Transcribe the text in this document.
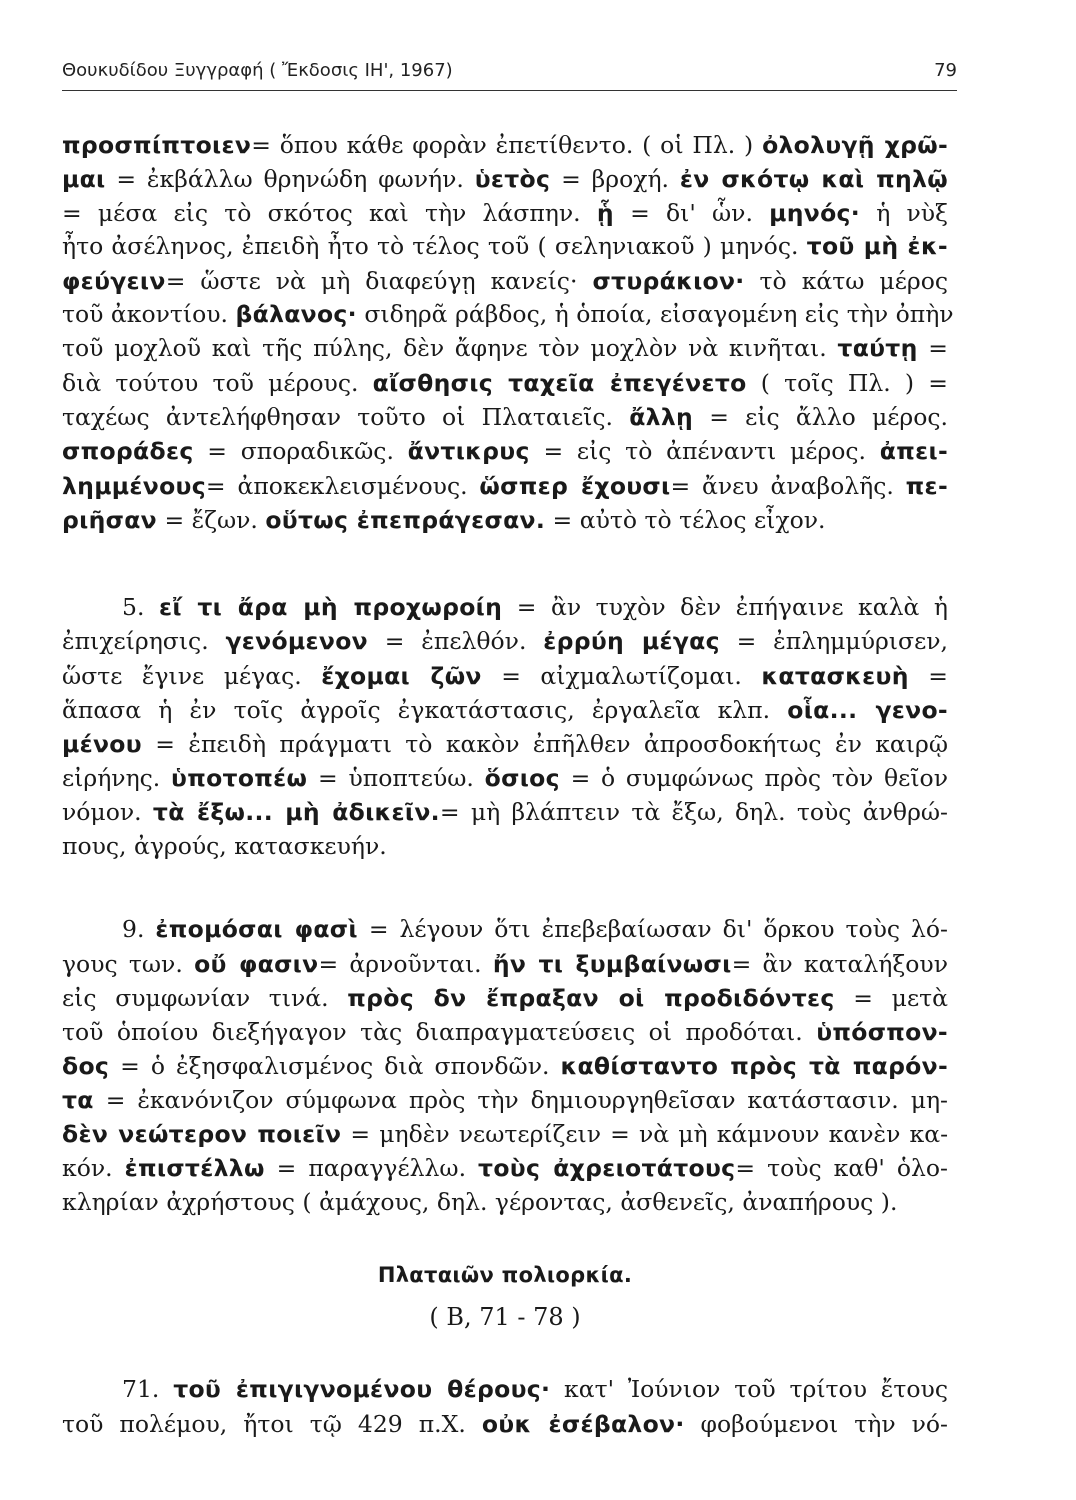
Θουκυδίδου Ξυγγραφή ( Ἔκδοσις ΙΗ', 1967)	79
προσπίπτοιεν= ὅπου κάθε φορὰν ἐπετίθεντο. ( οἱ Πλ. ) ὀλολυγῇ χρῶ-
μαι = ἐκβάλλω θρηνώδη φωνήν. ὑετὸς = βροχή. ἐν σκότῳ καὶ πηλῷ
= μέσα εἰς τὸ σκότος καὶ τὴν λάσπην. ᾗ = δι' ὧν. μηνός· ἡ νὺξ
ἦτο ἀσέληνος, ἐπειδὴ ἦτο τὸ τέλος τοῦ ( σεληνιακοῦ ) μηνός. τοῦ μὴ ἐκ-
φεύγειν= ὥστε νὰ μὴ διαφεύγῃ κανείς· στυράκιον· τὸ κάτω μέρος
τοῦ ἀκοντίου. βάλανος· σιδηρᾶ ράβδος, ἡ ὁποία, εἰσαγομένη εἰς τὴν ὀπὴν
τοῦ μοχλοῦ καὶ τῆς πύλης, δὲν ἄφηνε τὸν μοχλὸν νὰ κινῆται. ταύτῃ =
διὰ τούτου τοῦ μέρους. αἴσθησις ταχεῖα ἐπεγένετο ( τοῖς Πλ. ) =
ταχέως ἀντελήφθησαν τοῦτο οἱ Πλαταιεῖς. ἄλλῃ = εἰς ἄλλο μέρος.
σποράδες = σποραδικῶς. ἄντικρυς = εἰς τὸ ἀπέναντι μέρος. ἀπει-
λημμένους= ἀποκεκλεισμένους. ὥσπερ ἔχουσι= ἄνευ ἀναβολῆς. πε-
ριῆσαν = ἔζων. οὕτως ἐπεπράγεσαν. = αὐτὸ τὸ τέλος εἶχον.
5. εἴ τι ἄρα μὴ προχωροίη = ἂν τυχὸν δὲν ἐπήγαινε καλὰ ἡ
ἐπιχείρησις. γενόμενον = ἐπελθόν. ἐρρύη μέγας = ἐπλημμύρισεν,
ὥστε ἔγινε μέγας. ἔχομαι ζῶν = αἰχμαλωτίζομαι. κατασκευὴ =
ἅπασα ἡ ἐν τοῖς ἀγροῖς ἐγκατάστασις, ἐργαλεῖα κλπ. οἷα... γενο-
μένου = ἐπειδὴ πράγματι τὸ κακὸν ἐπῆλθεν ἀπροσδοκήτως ἐν καιρῷ
εἰρήνης. ὑποτοπέω = ὑποπτεύω. ὅσιος = ὁ συμφώνως πρὸς τὸν θεῖον
νόμον. τὰ ἔξω... μὴ ἀδικεῖν.= μὴ βλάπτειν τὰ ἔξω, δηλ. τοὺς ἀνθρώ-
πους, ἀγρούς, κατασκευήν.
9. ἐπομόσαι φασὶ = λέγουν ὅτι ἐπεβεβαίωσαν δι' ὅρκου τοὺς λό-
γους των. οὔ φασιν= ἀρνοῦνται. ἤν τι ξυμβαίνωσι= ἂν καταλήξουν
εἰς συμφωνίαν τινά. πρὸς δν ἔπραξαν οἱ προδιδόντες = μετὰ
τοῦ ὁποίου διεξήγαγον τὰς διαπραγματεύσεις οἱ προδόται. ὑπόσπον-
δος = ὁ ἐξησφαλισμένος διὰ σπονδῶν. καθίσταντο πρὸς τὰ παρόν-
τα = ἐκανόνιζον σύμφωνα πρὸς τὴν δημιουργηθεῖσαν κατάστασιν. μη-
δὲν νεώτερον ποιεῖν = μηδὲν νεωτερίζειν = νὰ μὴ κάμνουν κανὲν κα-
κόν. ἐπιστέλλω = παραγγέλλω. τοὺς ἀχρειοτάτους= τοὺς καθ' ὁλο-
κληρίαν ἀχρήστους ( ἀμάχους, δηλ. γέροντας, ἀσθενεῖς, ἀναπήρους ).
Πλαταιῶν πολιορκία.
( Β, 71 - 78 )
71. τοῦ ἐπιγιγνομένου θέρους· κατ' Ἰούνιον τοῦ τρίτου ἔτους
τοῦ πολέμου, ἤτοι τῷ 429 π.Χ. οὐκ ἐσέβαλον· φοβούμενοι τὴν νό-
